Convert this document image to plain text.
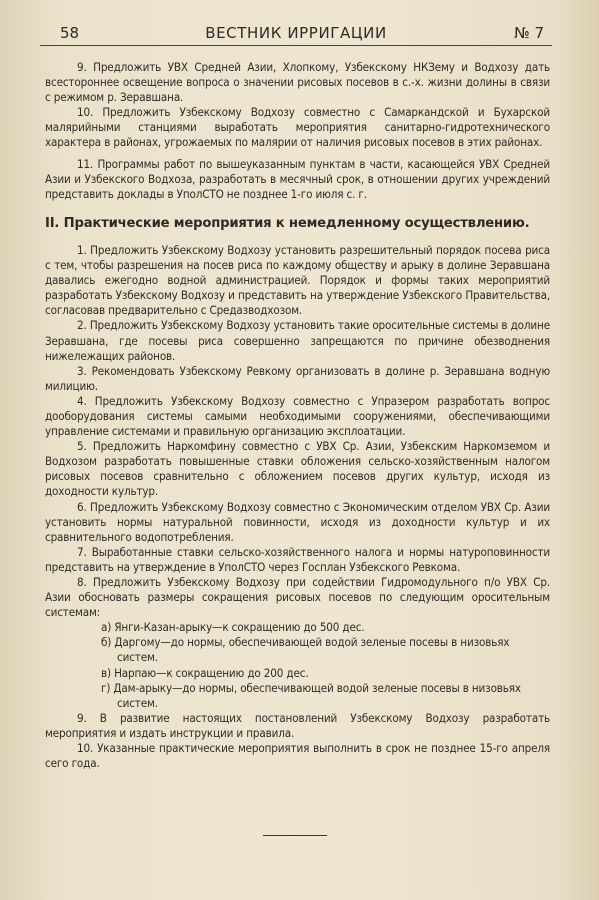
58	ВЕСТНИК ИРРИГАЦИИ	№ 7

9. Предложить УВХ Средней Азии, Хлопкому, Узбекскому НКЗему и Водхозу дать всестороннее освещение вопроса о значении рисовых посевов в с.-х. жизни долины в связи с режимом р. Зеравшана.

10. Предложить Узбекскому Водхозу совместно с Самаркандской и Бухарской малярийными станциями выработать мероприятия санитарно-гидротехнического характера в районах, угрожаемых по малярии от наличия рисовых посевов в этих районах.

11. Программы работ по вышеуказанным пунктам в части, касающейся УВХ Средней Азии и Узбекского Водхоза, разработать в месячный срок, в отношении других учреждений представить доклады в УполСТО не позднее 1-го июля с. г.

II. Практические мероприятия к немедленному осуществлению.

1. Предложить Узбекскому Водхозу установить разрешительный порядок посева риса с тем, чтобы разрешения на посев риса по каждому обществу и арыку в долине Зеравшана давались ежегодно водной администрацией. Порядок и формы таких мероприятий разработать Узбекскому Водхозу и представить на утверждение Узбекского Правительства, согласовав предварительно с Средазводхозом.

2. Предложить Узбекскому Водхозу установить такие оросительные системы в долине Зеравшана, где посевы риса совершенно запрещаются по причине обезводнения нижележащих районов.

3. Рекомендовать Узбекскому Ревкому организовать в долине р. Зеравшана водную милицию.

4. Предложить Узбекскому Водхозу совместно с Упразером разработать вопрос дооборудования системы самыми необходимыми сооружениями, обеспечивающими управление системами и правильную организацию эксплоатации.

5. Предложить Наркомфину совместно с УВХ Ср. Азии, Узбекским Наркомземом и Водхозом разработать повышенные ставки обложения сельско-хозяйственным налогом рисовых посевов сравнительно с обложением посевов других культур, исходя из доходности культур.

6. Предложить Узбекскому Водхозу совместно с Экономическим отделом УВХ Ср. Азии установить нормы натуральной повинности, исходя из доходности культур и их сравнительного водопотребления.

7. Выработанные ставки сельско-хозяйственного налога и нормы натуроповинности представить на утверждение в УполСТО через Госплан Узбекского Ревкома.

8. Предложить Узбекскому Водхозу при содействии Гидромодульного п/о УВХ Ср. Азии обосновать размеры сокращения рисовых посевов по следующим оросительным системам:

а) Янги-Казан-арыку—к сокращению до 500 дес.

б) Даргому—до нормы, обеспечивающей водой зеленые посевы в низовьях систем.

в) Нарпаю—к сокращению до 200 дес.

г) Дам-арыку—до нормы, обеспечивающей водой зеленые посевы в низовьях систем.

9. В развитие настоящих постановлений Узбекскому Водхозу разработать мероприятия и издать инструкции и правила.

10. Указанные практические мероприятия выполнить в срок не позднее 15-го апреля сего года.
